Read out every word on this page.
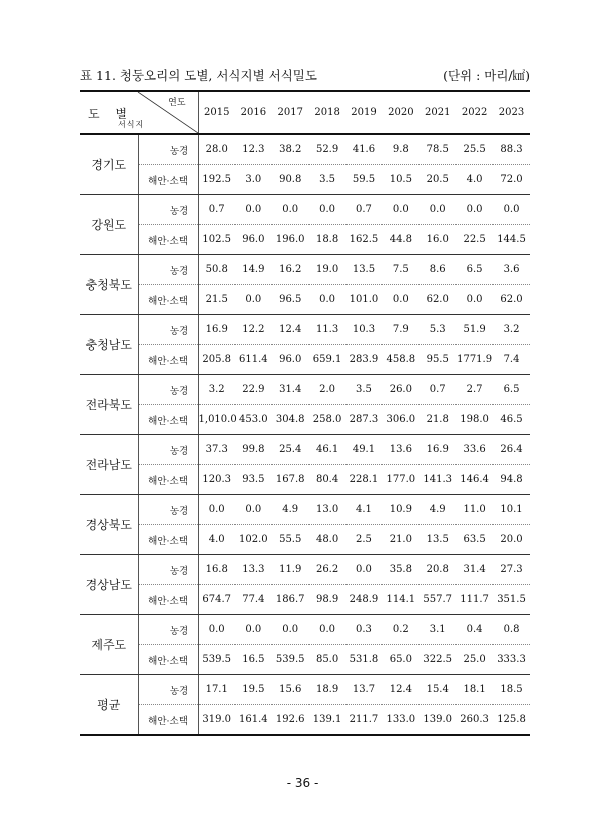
표 11. 청둥오리의 도별, 서식지별 서식밀도	(단위 : 마리/㎢)
도 별
연도
서식지		2015	2016	2017	2018	2019	2020	2021	2022	2023
경기도	농경	28.0	12.3	38.2	52.9	41.6	9.8	78.5	25.5	88.3
	해안·소택	192.5	3.0	90.8	3.5	59.5	10.5	20.5	4.0	72.0
강원도	농경	0.7	0.0	0.0	0.0	0.7	0.0	0.0	0.0	0.0
	해안·소택	102.5	96.0	196.0	18.8	162.5	44.8	16.0	22.5	144.5
충청북도	농경	50.8	14.9	16.2	19.0	13.5	7.5	8.6	6.5	3.6
	해안·소택	21.5	0.0	96.5	0.0	101.0	0.0	62.0	0.0	62.0
충청남도	농경	16.9	12.2	12.4	11.3	10.3	7.9	5.3	51.9	3.2
	해안·소택	205.8	611.4	96.0	659.1	283.9	458.8	95.5	1771.9	7.4
전라북도	농경	3.2	22.9	31.4	2.0	3.5	26.0	0.7	2.7	6.5
	해안·소택	1,010.0	453.0	304.8	258.0	287.3	306.0	21.8	198.0	46.5
전라남도	농경	37.3	99.8	25.4	46.1	49.1	13.6	16.9	33.6	26.4
	해안·소택	120.3	93.5	167.8	80.4	228.1	177.0	141.3	146.4	94.8
경상북도	농경	0.0	0.0	4.9	13.0	4.1	10.9	4.9	11.0	10.1
	해안·소택	4.0	102.0	55.5	48.0	2.5	21.0	13.5	63.5	20.0
경상남도	농경	16.8	13.3	11.9	26.2	0.0	35.8	20.8	31.4	27.3
	해안·소택	674.7	77.4	186.7	98.9	248.9	114.1	557.7	111.7	351.5
제주도	농경	0.0	0.0	0.0	0.0	0.3	0.2	3.1	0.4	0.8
	해안·소택	539.5	16.5	539.5	85.0	531.8	65.0	322.5	25.0	333.3
평균	농경	17.1	19.5	15.6	18.9	13.7	12.4	15.4	18.1	18.5
	해안·소택	319.0	161.4	192.6	139.1	211.7	133.0	139.0	260.3	125.8
- 36 -
